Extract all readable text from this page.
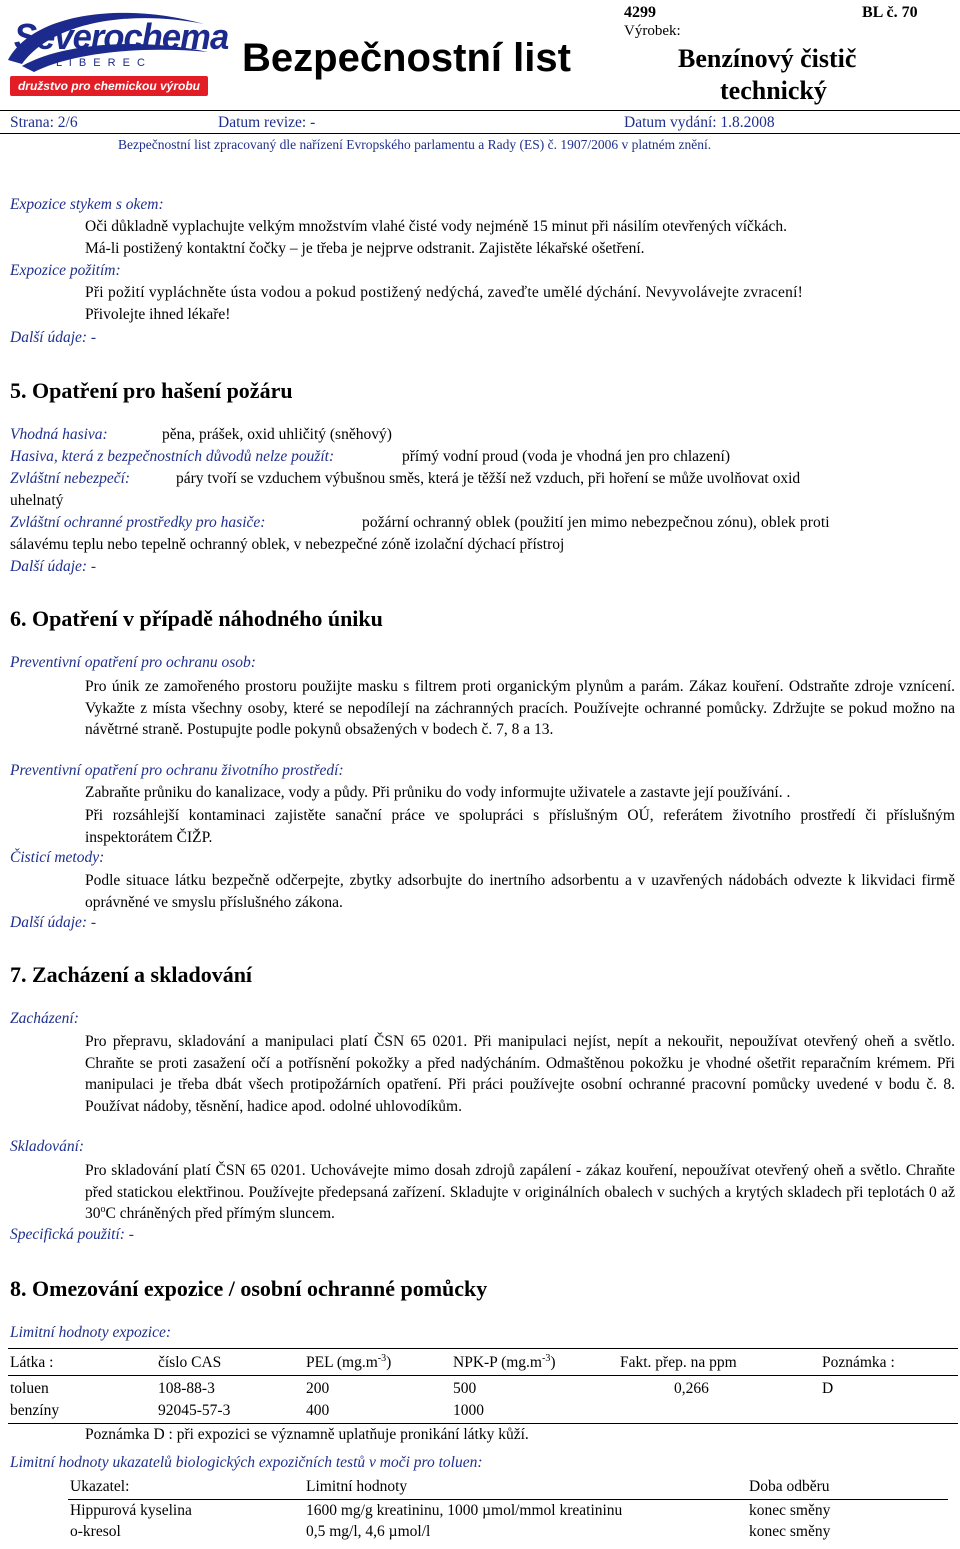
Severochema
L I B E R E C
družstvo pro chemickou výrobu
Bezpečnostní list
4299	BL č. 70
Výrobek:
Benzínový čistič
technický
Strana: 2/6	Datum revize: -	Datum vydání: 1.8.2008
Bezpečnostní list zpracovaný dle nařízení Evropského parlamentu a Rady (ES) č. 1907/2006 v platném znění.
Expozice stykem s okem:
Oči důkladně vyplachujte velkým množstvím vlahé čisté vody nejméně 15 minut při násilím otevřených víčkách.
Má-li postižený kontaktní čočky – je třeba je nejprve odstranit. Zajistěte lékařské ošetření.
Expozice požitím:
Při požití vypláchněte ústa vodou a pokud postižený nedýchá, zaveďte umělé dýchání. Nevyvolávejte zvracení!
Přivolejte ihned lékaře!
Další údaje: -
5. Opatření pro hašení požáru
Vhodná hasiva:	pěna, prášek, oxid uhličitý (sněhový)
Hasiva, která z bezpečnostních důvodů nelze použít:	přímý vodní proud (voda je vhodná jen pro chlazení)
Zvláštní nebezpečí:	páry tvoří se vzduchem výbušnou směs, která je těžší než vzduch, při hoření se může uvolňovat oxid
uhelnatý
Zvláštní ochranné prostředky pro hasiče:	požární ochranný oblek (použití jen mimo nebezpečnou zónu), oblek proti
sálavému teplu nebo tepelně ochranný oblek, v nebezpečné zóně izolační dýchací přístroj
Další údaje: -
6. Opatření v případě náhodného úniku
Preventivní opatření pro ochranu osob:
Pro únik ze zamořeného prostoru použijte masku s filtrem proti organickým plynům a parám. Zákaz kouření. Odstraňte zdroje vznícení. Vykažte z místa všechny osoby, které se nepodílejí na záchranných pracích. Používejte ochranné pomůcky. Zdržujte se pokud možno na návětrné straně. Postupujte podle pokynů obsažených v bodech č. 7, 8 a 13.
Preventivní opatření pro ochranu životního prostředí:
Zabraňte průniku do kanalizace, vody a půdy. Při průniku do vody informujte uživatele a zastavte její používání. .
Při rozsáhlejší kontaminaci zajistěte sanační práce ve spolupráci s příslušným OÚ, referátem životního prostředí či příslušným inspektorátem ČIŽP.
Čisticí metody:
Podle situace látku bezpečně odčerpejte, zbytky adsorbujte do inertního adsorbentu a v uzavřených nádobách odvezte k likvidaci firmě oprávněné ve smyslu příslušného zákona.
Další údaje: -
7. Zacházení a skladování
Zacházení:
Pro přepravu, skladování a manipulaci platí ČSN 65 0201. Při manipulaci nejíst, nepít a nekouřit, nepoužívat otevřený oheň a světlo. Chraňte se proti zasažení očí a potřísnění pokožky a před nadýcháním. Odmaštěnou pokožku je vhodné ošetřit reparačním krémem. Při manipulaci je třeba dbát všech protipožárních opatření. Při práci používejte osobní ochranné pracovní pomůcky uvedené v bodu č. 8. Používat nádoby, těsnění, hadice apod. odolné uhlovodíkům.
Skladování:
Pro skladování platí ČSN 65 0201. Uchovávejte mimo dosah zdrojů zapálení - zákaz kouření, nepoužívat otevřený oheň a světlo. Chraňte před statickou elektřinou. Používejte předepsaná zařízení. Skladujte v originálních obalech v suchých a krytých skladech při teplotách 0 až 30$^o$C chráněných před přímým sluncem.
Specifická použití: -
8. Omezování expozice / osobní ochranné pomůcky
Limitní hodnoty expozice:
Látka :	číslo CAS	PEL $(mg.m^{-3})$	NPK-P $(mg.m^{-3})$	Fakt. přep. na ppm	Poznámka :
toluen	108-88-3	200	500	0,266	D
benzíny	92045-57-3	400	1000
Poznámka D : při expozici se významně uplatňuje pronikání látky kůží.
Limitní hodnoty ukazatelů biologických expozičních testů v moči pro toluen:
Ukazatel:	Limitní hodnoty	Doba odběru
Hippurová kyselina	1600 mg/g kreatininu, 1000 µmol/mmol kreatininu	konec směny
o-kresol	0,5 mg/l, 4,6 µmol/l	konec směny
